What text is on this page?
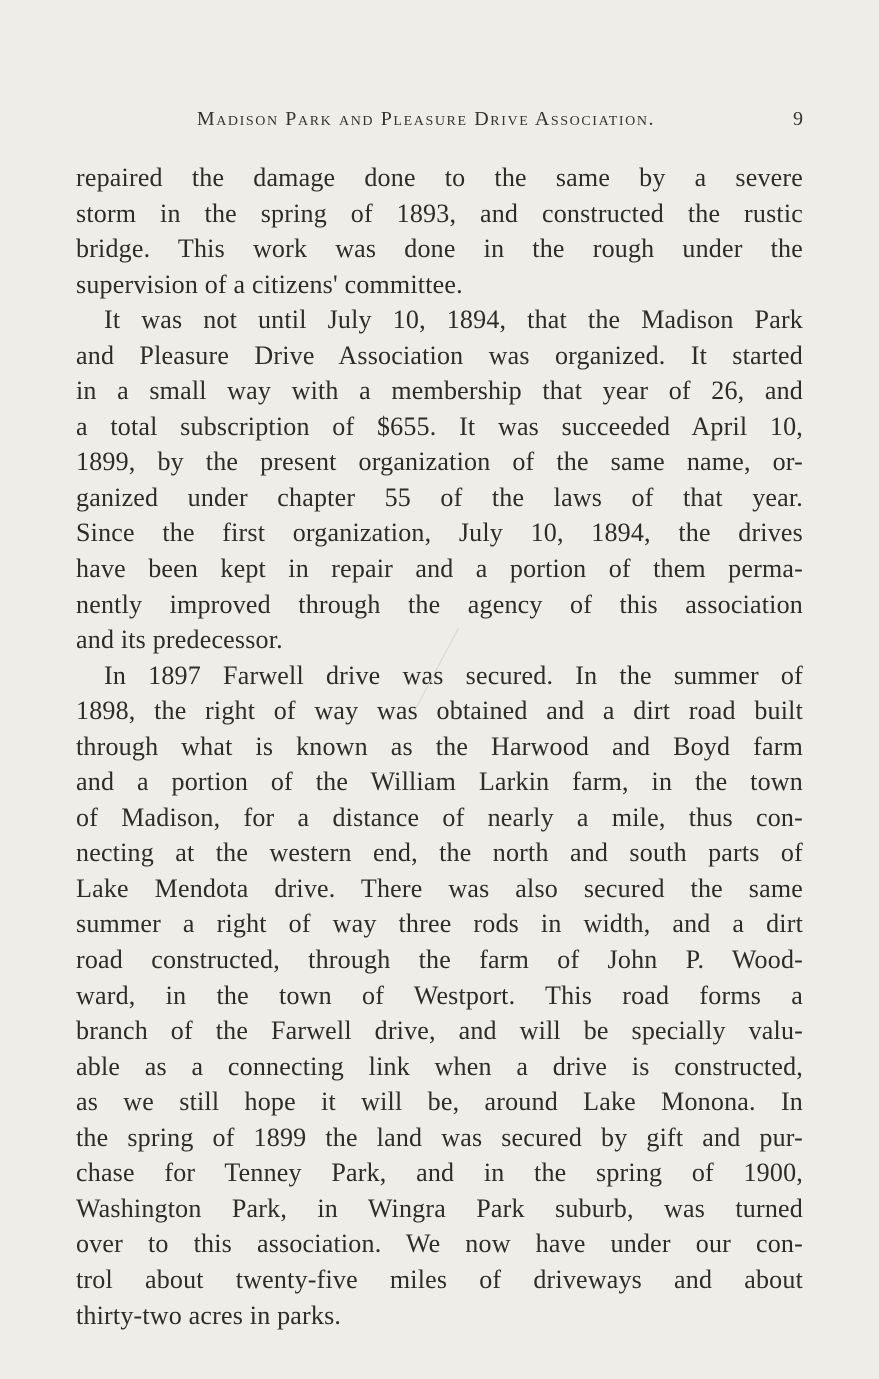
Madison Park and Pleasure Drive Association.	9
repaired the damage done to the same by a severe
storm in the spring of 1893, and constructed the rustic
bridge. This work was done in the rough under the
supervision of a citizens' committee.
It was not until July 10, 1894, that the Madison Park
and Pleasure Drive Association was organized. It started
in a small way with a membership that year of 26, and
a total subscription of $655. It was succeeded April 10,
1899, by the present organization of the same name, or-
ganized under chapter 55 of the laws of that year.
Since the first organization, July 10, 1894, the drives
have been kept in repair and a portion of them perma-
nently improved through the agency of this association
and its predecessor.
In 1897 Farwell drive was secured. In the summer of
1898, the right of way was obtained and a dirt road built
through what is known as the Harwood and Boyd farm
and a portion of the William Larkin farm, in the town
of Madison, for a distance of nearly a mile, thus con-
necting at the western end, the north and south parts of
Lake Mendota drive. There was also secured the same
summer a right of way three rods in width, and a dirt
road constructed, through the farm of John P. Wood-
ward, in the town of Westport. This road forms a
branch of the Farwell drive, and will be specially valu-
able as a connecting link when a drive is constructed,
as we still hope it will be, around Lake Monona. In
the spring of 1899 the land was secured by gift and pur-
chase for Tenney Park, and in the spring of 1900,
Washington Park, in Wingra Park suburb, was turned
over to this association. We now have under our con-
trol about twenty-five miles of driveways and about
thirty-two acres in parks.
